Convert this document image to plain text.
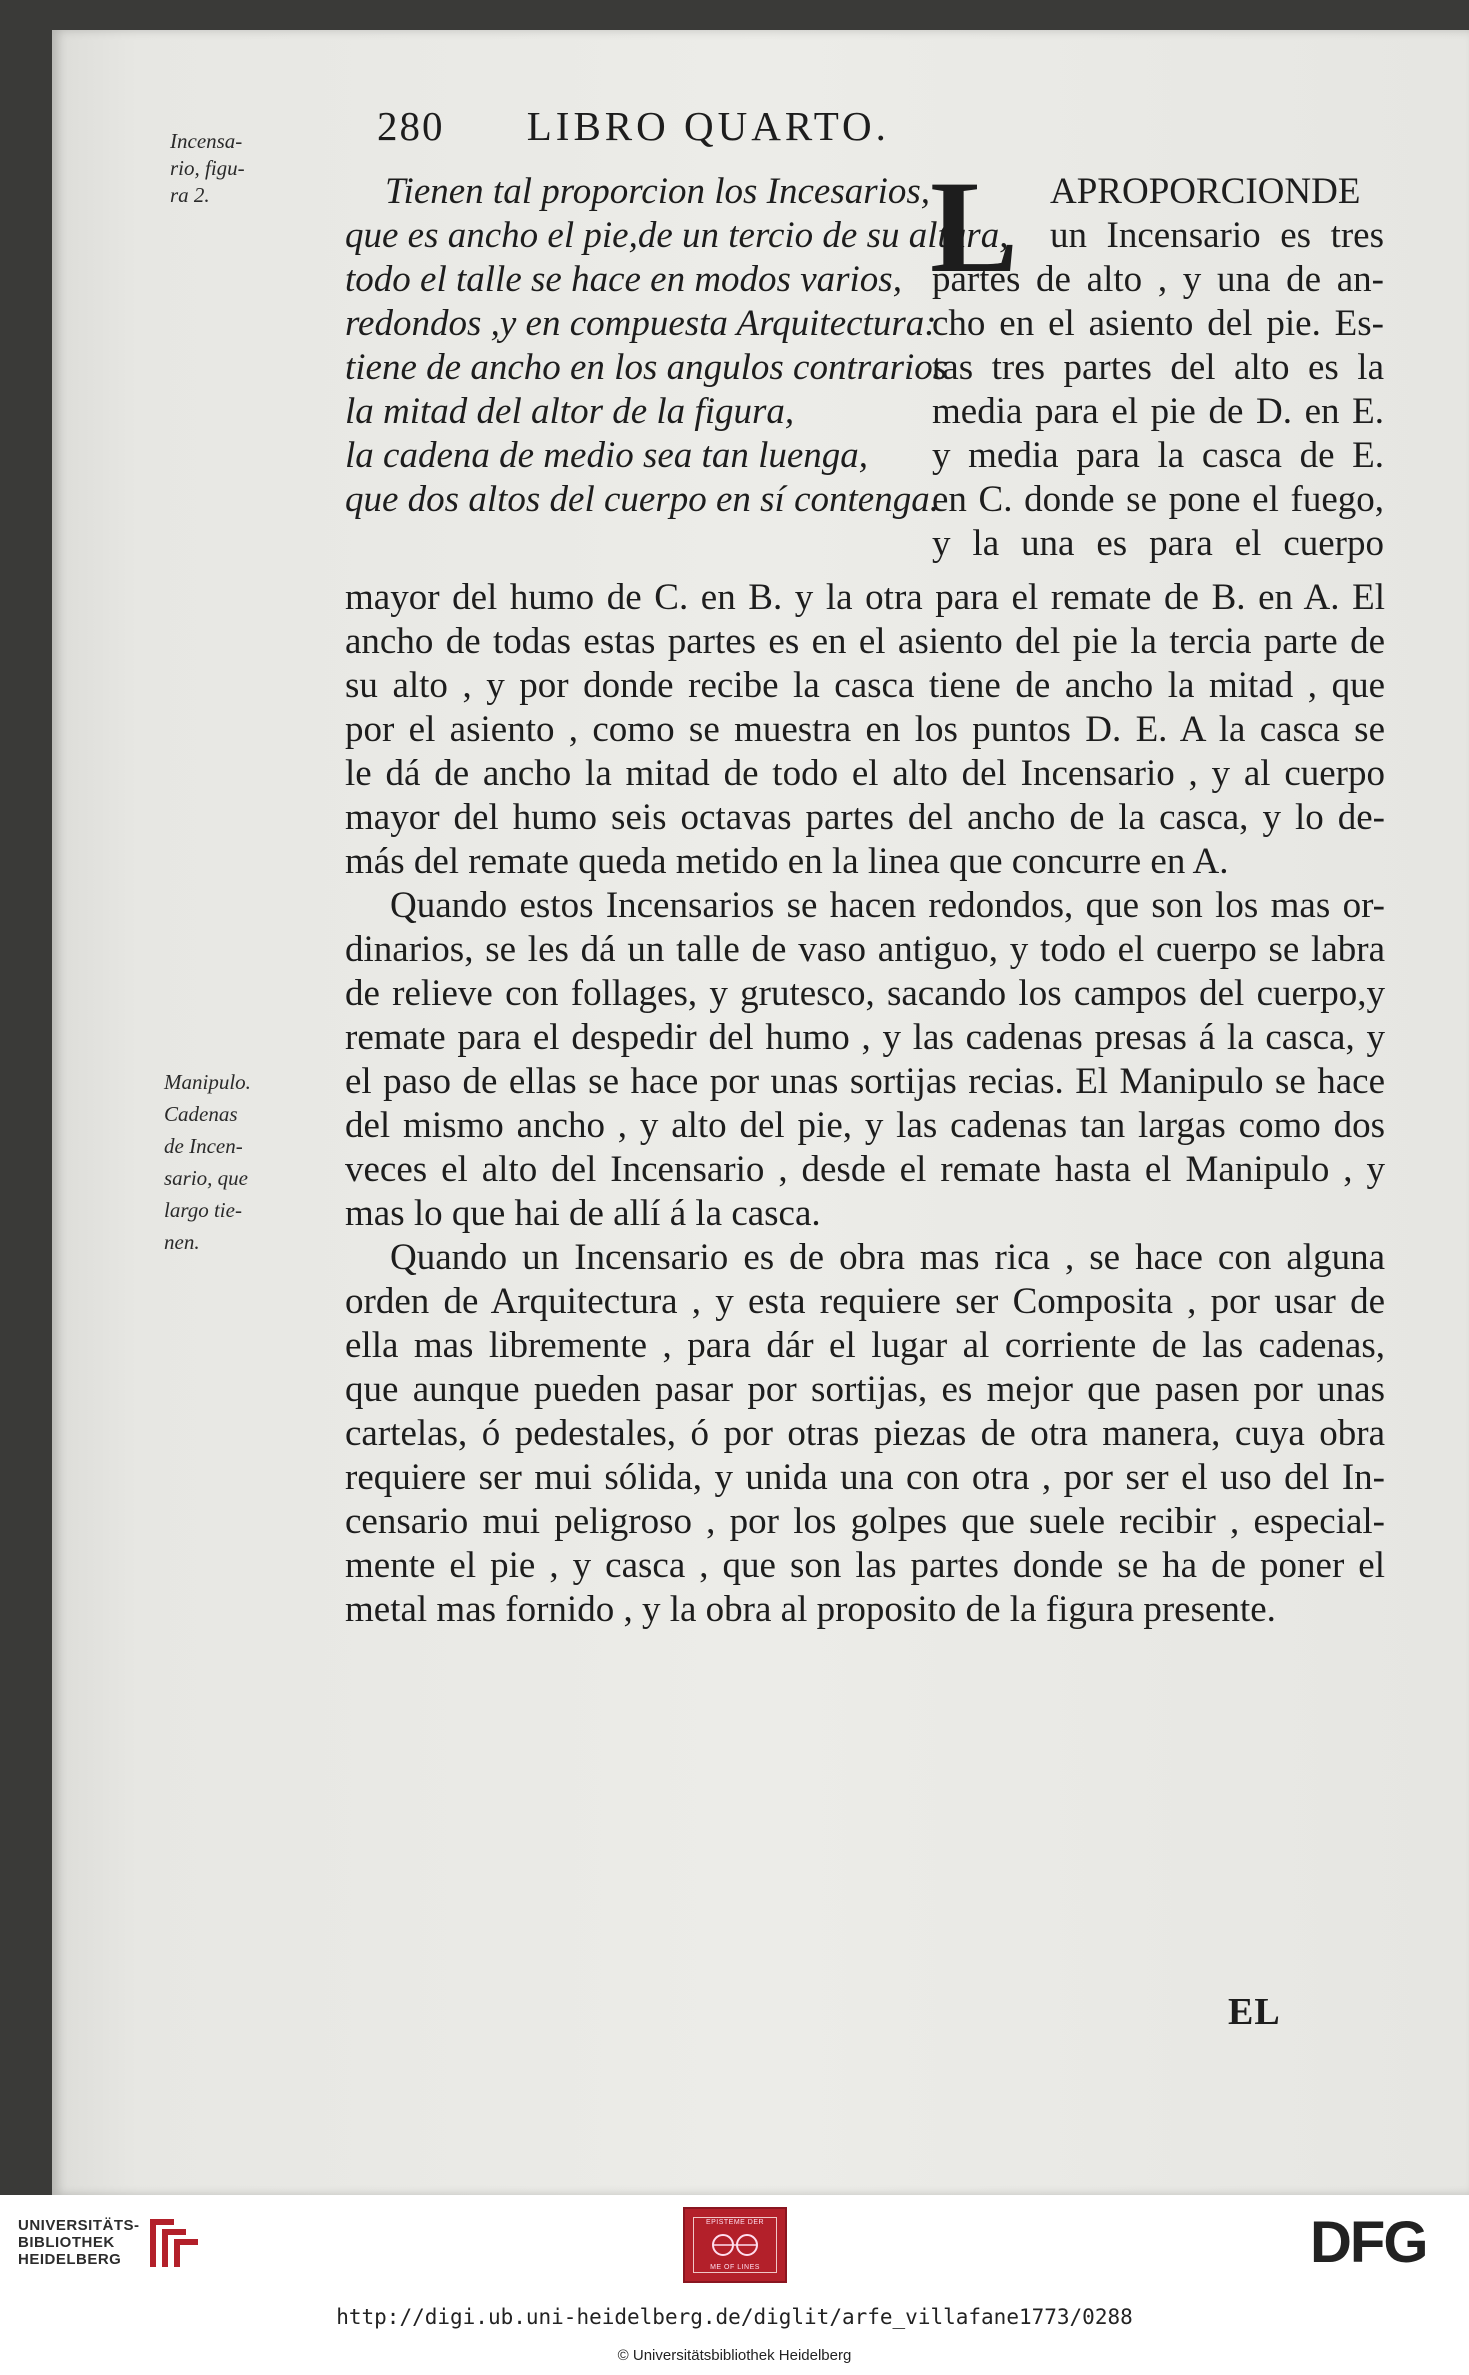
280 LIBRO QUARTO.
Incensa-
rio, figu-
ra 2.
Manipulo.
Cadenas
de Incen-
sario, que
largo tie-
nen.
Tienen tal proporcion los Incesarios,
que es ancho el pie,de un tercio de su altura,
todo el talle se hace en modos varios,
redondos ,y en compuesta Arquitectura:
tiene de ancho en los angulos contrarios
la mitad del altor de la figura,
la cadena de medio sea tan luenga,
que dos altos del cuerpo en sí contenga.
L APROPORCIONDE
un Incensario es tres
partes de alto , y una de an-
cho en el asiento del pie. Es-
tas tres partes del alto es la
media para el pie de D. en E.
y media para la casca de E.
en C. donde se pone el fuego,
y la una es para el cuerpo
mayor del humo de C. en B. y la otra para el remate de B. en A. El
ancho de todas estas partes es en el asiento del pie la tercia parte de
su alto , y por donde recibe la casca tiene de ancho la mitad , que
por el asiento , como se muestra en los puntos D. E. A la casca se
le dá de ancho la mitad de todo el alto del Incensario , y al cuerpo
mayor del humo seis octavas partes del ancho de la casca, y lo de-
más del remate queda metido en la linea que concurre en A.
Quando estos Incensarios se hacen redondos, que son los mas or-
dinarios, se les dá un talle de vaso antiguo, y todo el cuerpo se labra
de relieve con follages, y grutesco, sacando los campos del cuerpo,y
remate para el despedir del humo , y las cadenas presas á la casca, y
el paso de ellas se hace por unas sortijas recias. El Manipulo se hace
del mismo ancho , y alto del pie, y las cadenas tan largas como dos
veces el alto del Incensario , desde el remate hasta el Manipulo , y
mas lo que hai de allí á la casca.
Quando un Incensario es de obra mas rica , se hace con alguna
orden de Arquitectura , y esta requiere ser Composita , por usar de
ella mas libremente , para dár el lugar al corriente de las cadenas,
que aunque pueden pasar por sortijas, es mejor que pasen por unas
cartelas, ó pedestales, ó por otras piezas de otra manera, cuya obra
requiere ser mui sólida, y unida una con otra , por ser el uso del In-
censario mui peligroso , por los golpes que suele recibir , especial-
mente el pie , y casca , que son las partes donde se ha de poner el
metal mas fornido , y la obra al proposito de la figura presente.
EL
UNIVERSITÄTS-
BIBLIOTHEK
HEIDELBERG
EPISTEME DER
ME OF LINES	DFG
http://digi.ub.uni-heidelberg.de/diglit/arfe_villafane1773/0288
© Universitätsbibliothek Heidelberg
